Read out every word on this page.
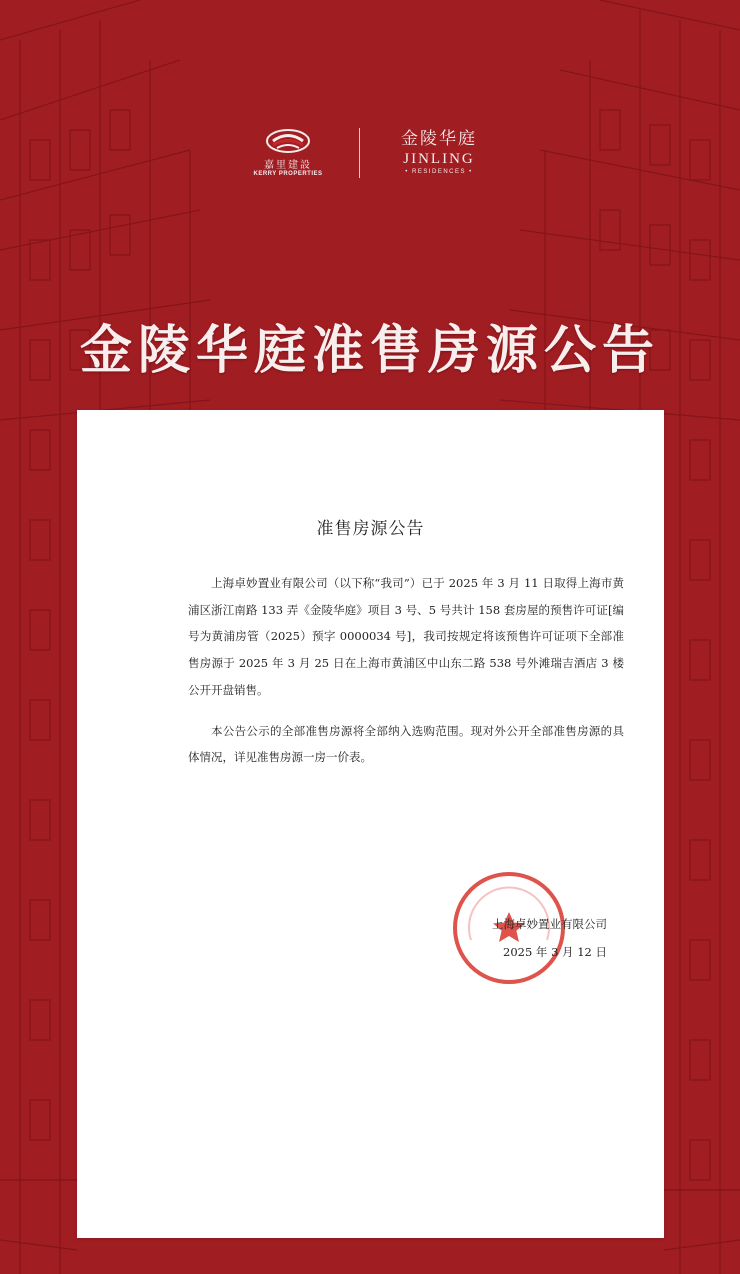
嘉里建設
KERRY PROPERTIES
金陵华庭
JINLING
• RESIDENCES •
金陵华庭准售房源公告
准售房源公告

上海卓妙置业有限公司（以下称“我司”）已于 2025 年 3 月 11 日取得上海市黄浦区浙江南路 133 弄《金陵华庭》项目 3 号、5 号共计 158 套房屋的预售许可证[编号为黄浦房管（2025）预字 0000034 号]，我司按规定将该预售许可证项下全部准售房源于 2025 年 3 月 25 日在上海市黄浦区中山东二路 538 号外滩瑞吉酒店 3 楼公开开盘销售。

本公告公示的全部准售房源将全部纳入选购范围。现对外公开全部准售房源的具体情况，详见准售房源一房一价表。

上海卓妙置业有限公司
2025 年 3 月 12 日
